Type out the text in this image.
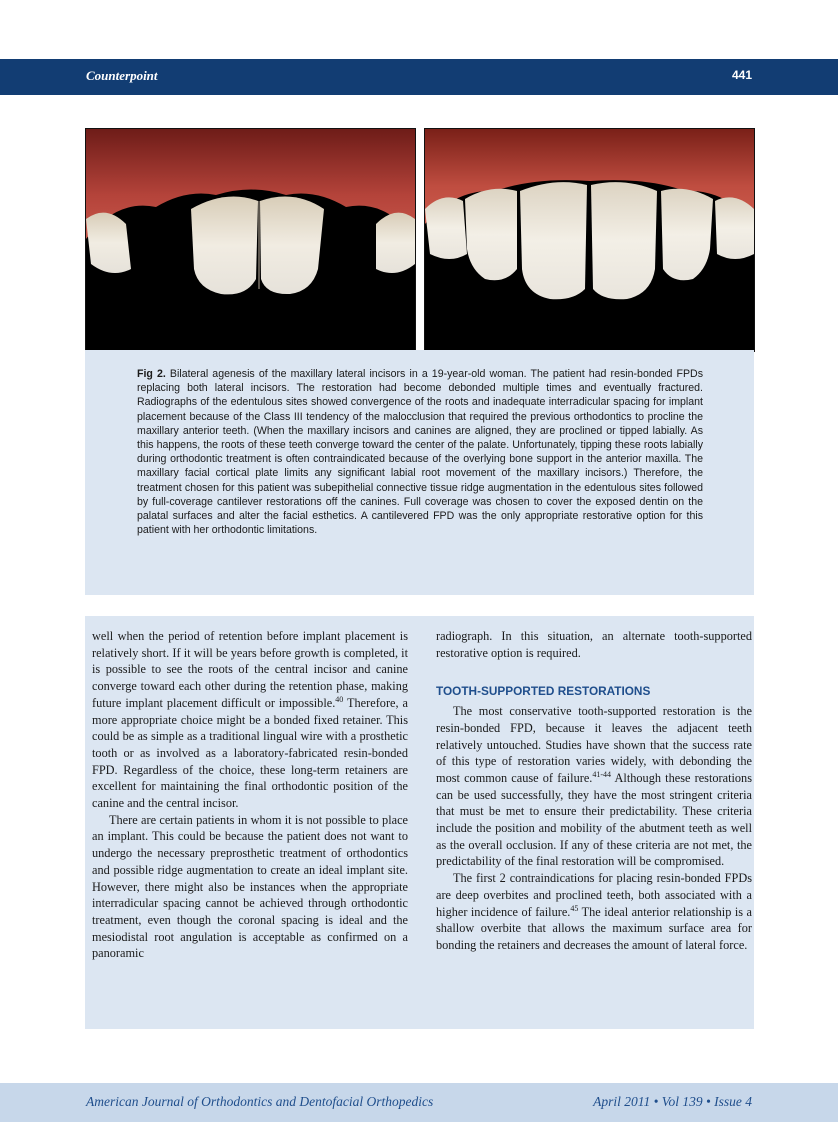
Counterpoint	441
Fig 2. Bilateral agenesis of the maxillary lateral incisors in a 19-year-old woman. The patient had resin-bonded FPDs replacing both lateral incisors. The restoration had become debonded multiple times and eventually fractured. Radiographs of the edentulous sites showed convergence of the roots and inadequate interradicular spacing for implant placement because of the Class III tendency of the malocclusion that required the previous orthodontics to procline the maxillary anterior teeth. (When the maxillary incisors and canines are aligned, they are proclined or tipped labially. As this happens, the roots of these teeth converge toward the center of the palate. Unfortunately, tipping these roots labially during orthodontic treatment is often contraindicated because of the overlying bone support in the anterior maxilla. The maxillary facial cortical plate limits any significant labial root movement of the maxillary incisors.) Therefore, the treatment chosen for this patient was subepithelial connective tissue ridge augmentation in the edentulous sites followed by full-coverage cantilever restorations off the canines. Full coverage was chosen to cover the exposed dentin on the palatal surfaces and alter the facial esthetics. A cantilevered FPD was the only appropriate restorative option for this patient with her orthodontic limitations.

well when the period of retention before implant placement is relatively short. If it will be years before growth is completed, it is possible to see the roots of the central incisor and canine converge toward each other during the retention phase, making future implant placement difficult or impossible.$^{40}$ Therefore, a more appropriate choice might be a bonded fixed retainer. This could be as simple as a traditional lingual wire with a prosthetic tooth or as involved as a laboratory-fabricated resin-bonded FPD. Regardless of the choice, these long-term retainers are excellent for maintaining the final orthodontic position of the canine and the central incisor.

There are certain patients in whom it is not possible to place an implant. This could be because the patient does not want to undergo the necessary preprosthetic treatment of orthodontics and possible ridge augmentation to create an ideal implant site. However, there might also be instances when the appropriate interradicular spacing cannot be achieved through orthodontic treatment, even though the coronal spacing is ideal and the mesiodistal root angulation is acceptable as confirmed on a panoramic

radiograph. In this situation, an alternate tooth-supported restorative option is required.

TOOTH-SUPPORTED RESTORATIONS

The most conservative tooth-supported restoration is the resin-bonded FPD, because it leaves the adjacent teeth relatively untouched. Studies have shown that the success rate of this type of restoration varies widely, with debonding the most common cause of failure.$^{41-44}$ Although these restorations can be used successfully, they have the most stringent criteria that must be met to ensure their predictability. These criteria include the position and mobility of the abutment teeth as well as the overall occlusion. If any of these criteria are not met, the predictability of the final restoration will be compromised.

The first 2 contraindications for placing resin-bonded FPDs are deep overbites and proclined teeth, both associated with a higher incidence of failure.$^{45}$ The ideal anterior relationship is a shallow overbite that allows the maximum surface area for bonding the retainers and decreases the amount of lateral force.

American Journal of Orthodontics and Dentofacial Orthopedics	April 2011 • Vol 139 • Issue 4
